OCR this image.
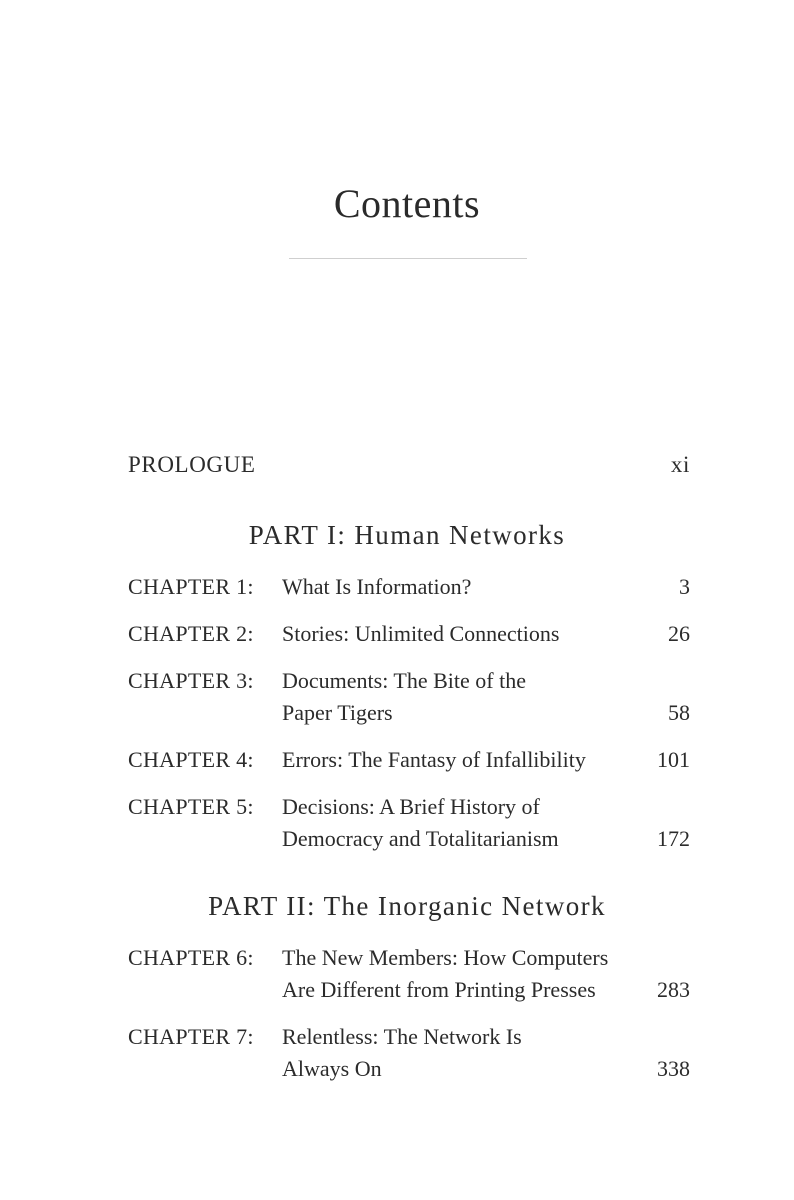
Contents
PROLOGUE	xi
PART I: Human Networks
CHAPTER 1: What Is Information?	3
CHAPTER 2: Stories: Unlimited Connections	26
CHAPTER 3: Documents: The Bite of the
Paper Tigers	58
CHAPTER 4: Errors: The Fantasy of Infallibility	101
CHAPTER 5: Decisions: A Brief History of
Democracy and Totalitarianism	172
PART II: The Inorganic Network
CHAPTER 6: The New Members: How Computers
Are Different from Printing Presses	283
CHAPTER 7: Relentless: The Network Is
Always On	338
